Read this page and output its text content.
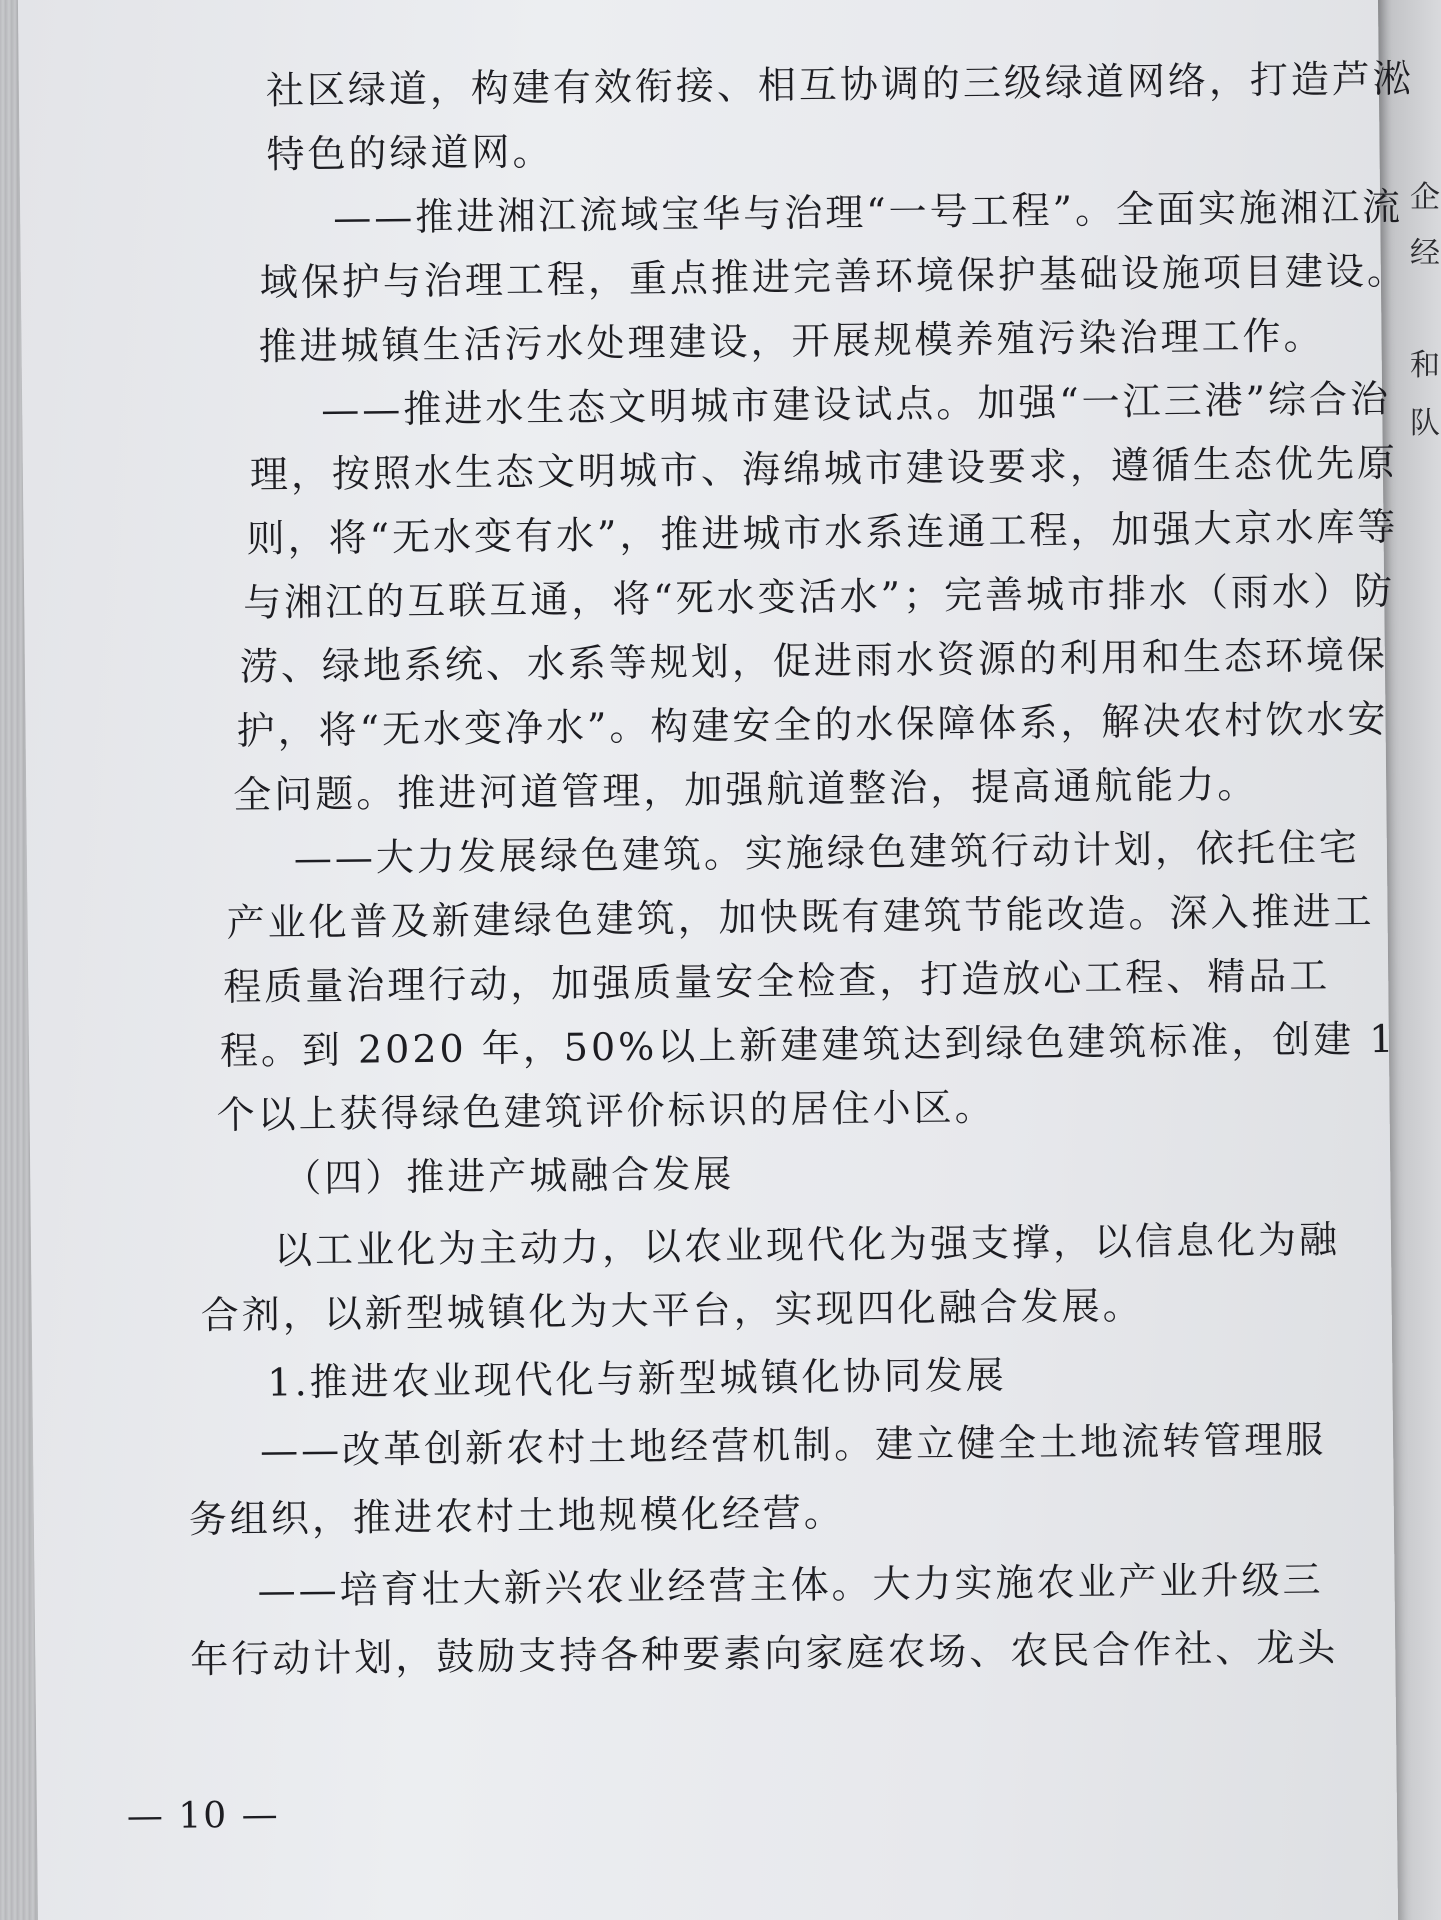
企
经
和
队
社区绿道，构建有效衔接、相互协调的三级绿道网络，打造芦淞
特色的绿道网。
——推进湘江流域宝华与治理“一号工程”。全面实施湘江流
域保护与治理工程，重点推进完善环境保护基础设施项目建设。
推进城镇生活污水处理建设，开展规模养殖污染治理工作。
——推进水生态文明城市建设试点。加强“一江三港”综合治
理，按照水生态文明城市、海绵城市建设要求，遵循生态优先原
则，将“无水变有水”，推进城市水系连通工程，加强大京水库等
与湘江的互联互通，将“死水变活水”；完善城市排水（雨水）防
涝、绿地系统、水系等规划，促进雨水资源的利用和生态环境保
护，将“无水变净水”。构建安全的水保障体系，解决农村饮水安
全问题。推进河道管理，加强航道整治，提高通航能力。
——大力发展绿色建筑。实施绿色建筑行动计划，依托住宅
产业化普及新建绿色建筑，加快既有建筑节能改造。深入推进工
程质量治理行动，加强质量安全检查，打造放心工程、精品工
程。到 2020 年，50%以上新建建筑达到绿色建筑标准，创建 1
个以上获得绿色建筑评价标识的居住小区。
（四）推进产城融合发展
以工业化为主动力，以农业现代化为强支撑，以信息化为融
合剂，以新型城镇化为大平台，实现四化融合发展。
1.推进农业现代化与新型城镇化协同发展
——改革创新农村土地经营机制。建立健全土地流转管理服
务组织，推进农村土地规模化经营。
——培育壮大新兴农业经营主体。大力实施农业产业升级三
年行动计划，鼓励支持各种要素向家庭农场、农民合作社、龙头
— 10 —
